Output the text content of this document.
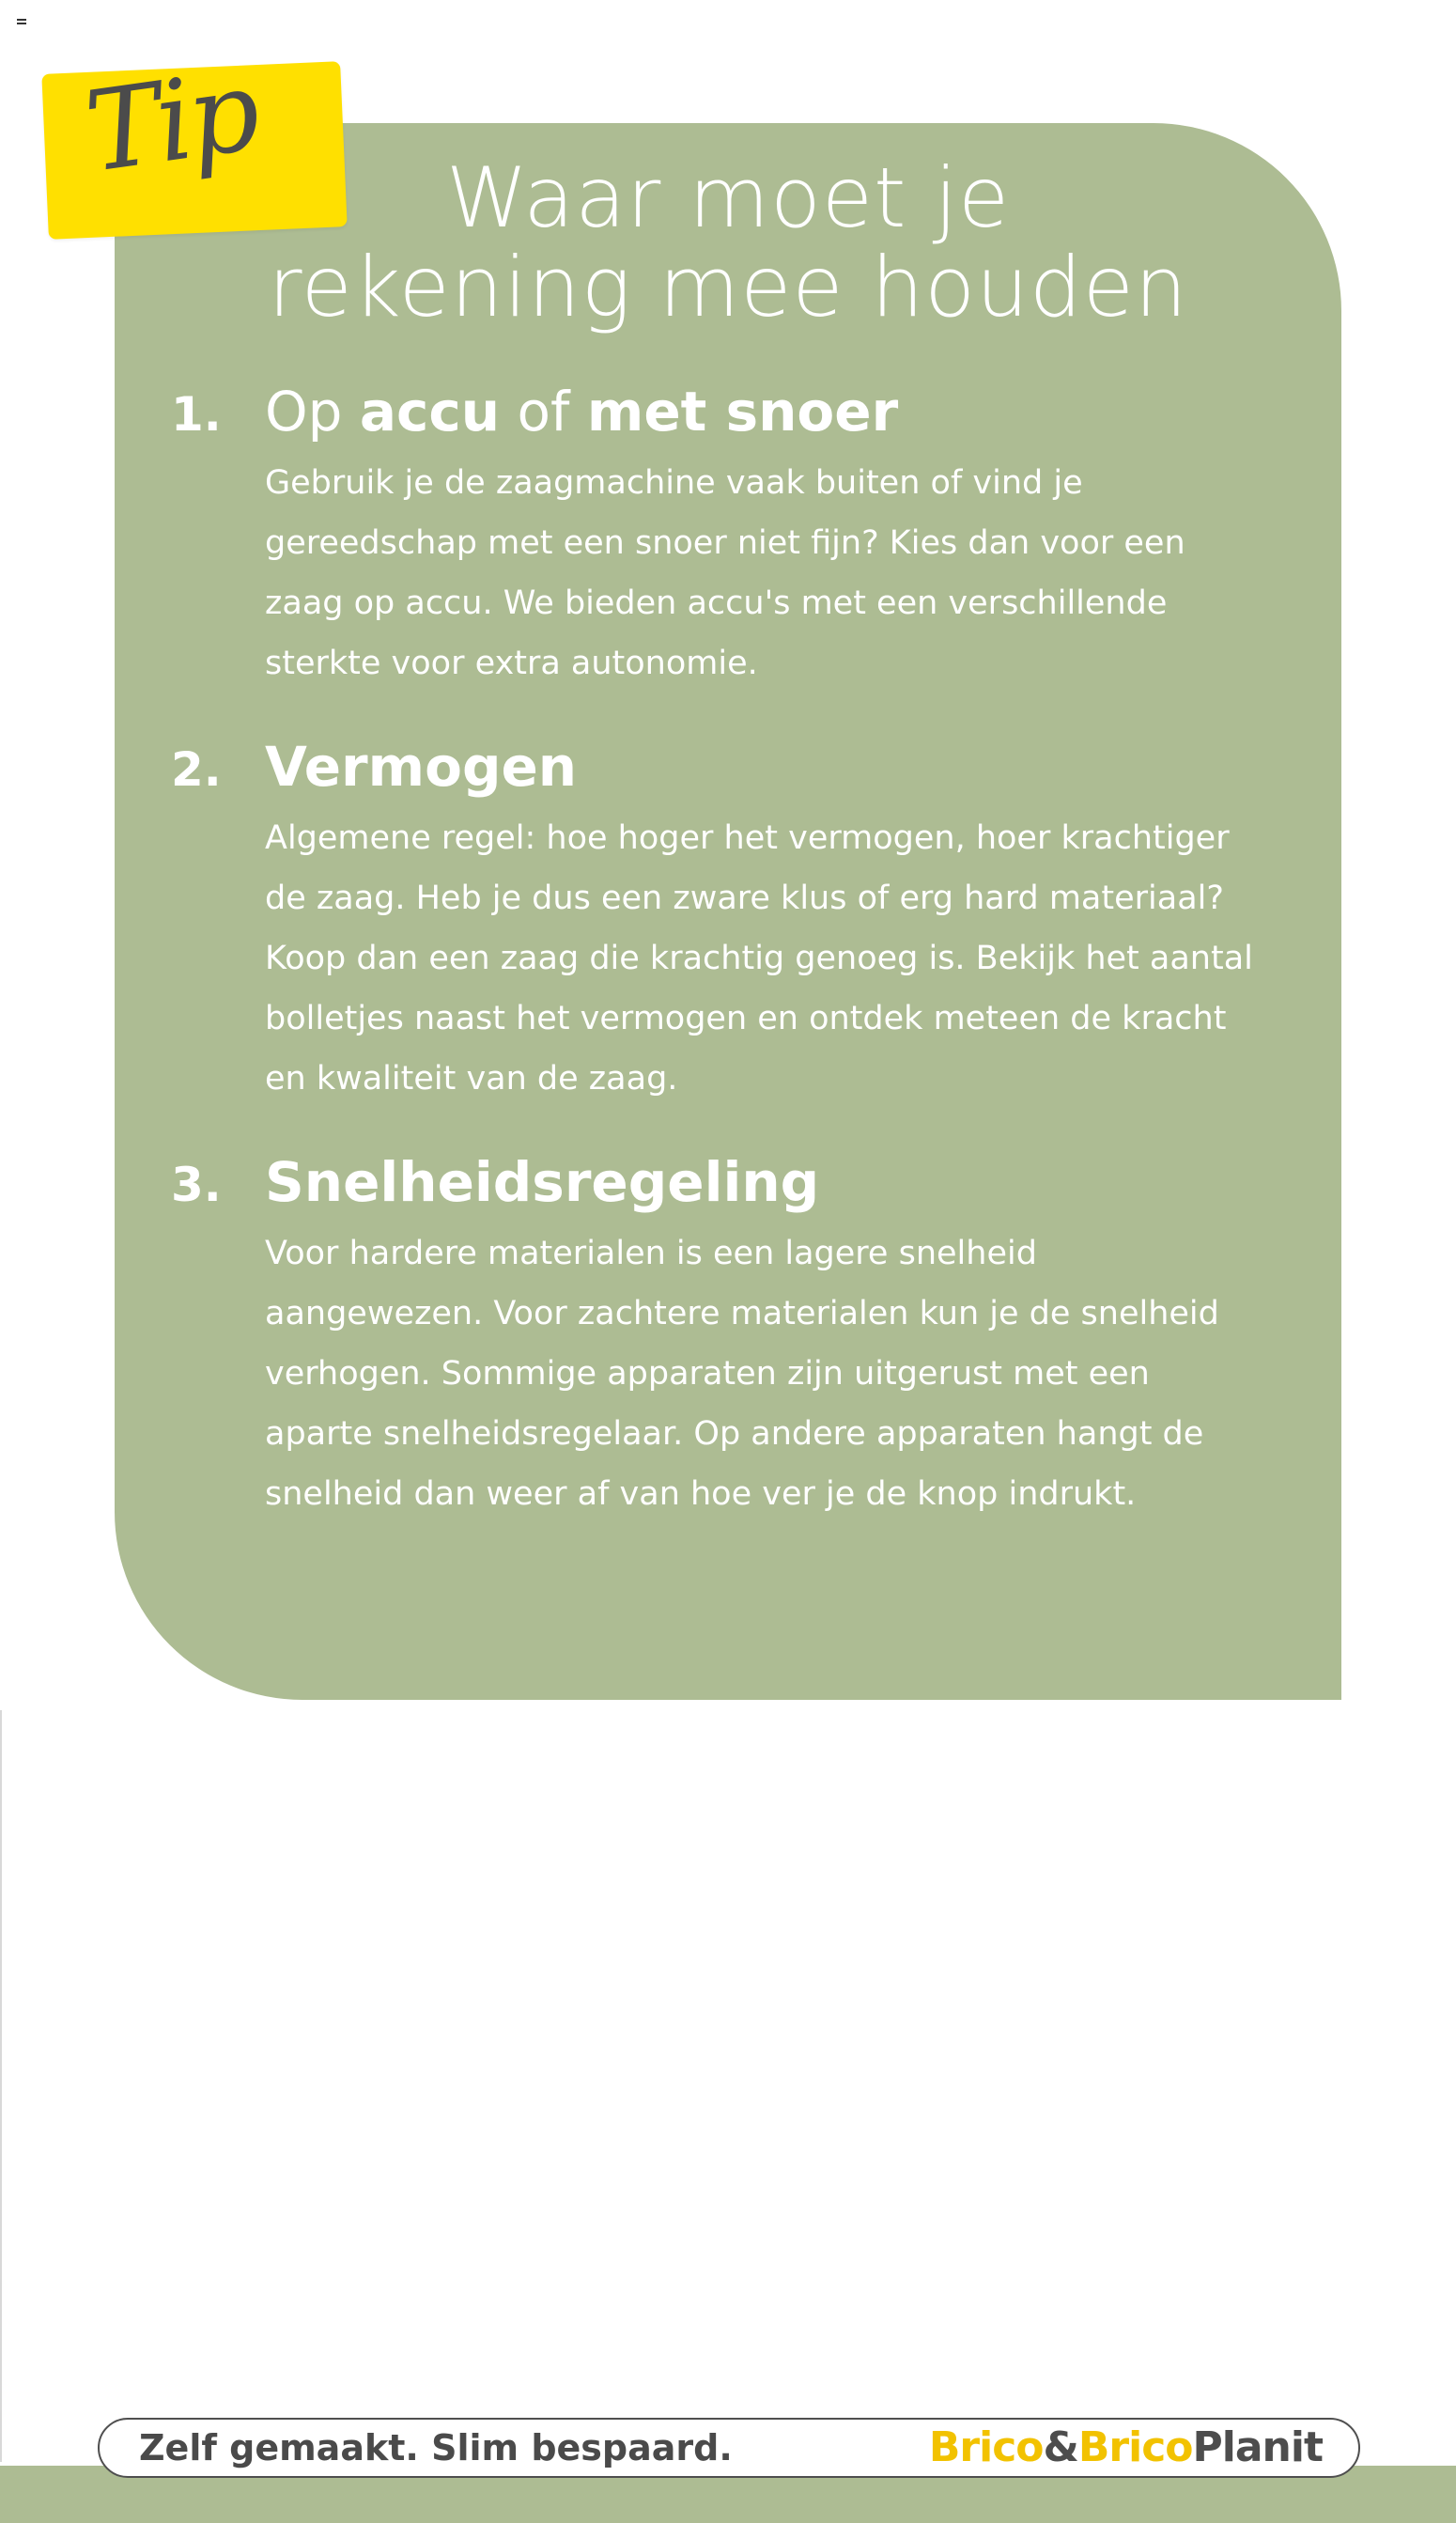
Tip
Waar moet je
rekening mee houden
1. Op accu of met snoer
Gebruik je de zaagmachine vaak buiten of vind je
gereedschap met een snoer niet fijn? Kies dan voor een
zaag op accu. We bieden accu's met een verschillende
sterkte voor extra autonomie.
2. Vermogen
Algemene regel: hoe hoger het vermogen, hoer krachtiger
de zaag. Heb je dus een zware klus of erg hard materiaal?
Koop dan een zaag die krachtig genoeg is. Bekijk het aantal
bolletjes naast het vermogen en ontdek meteen de kracht
en kwaliteit van de zaag.
3. Snelheidsregeling
Voor hardere materialen is een lagere snelheid
aangewezen. Voor zachtere materialen kun je de snelheid
verhogen. Sommige apparaten zijn uitgerust met een
aparte snelheidsregelaar. Op andere apparaten hangt de
snelheid dan weer af van hoe ver je de knop indrukt.
Zelf gemaakt. Slim bespaard.	Brico&BricoPlanit
